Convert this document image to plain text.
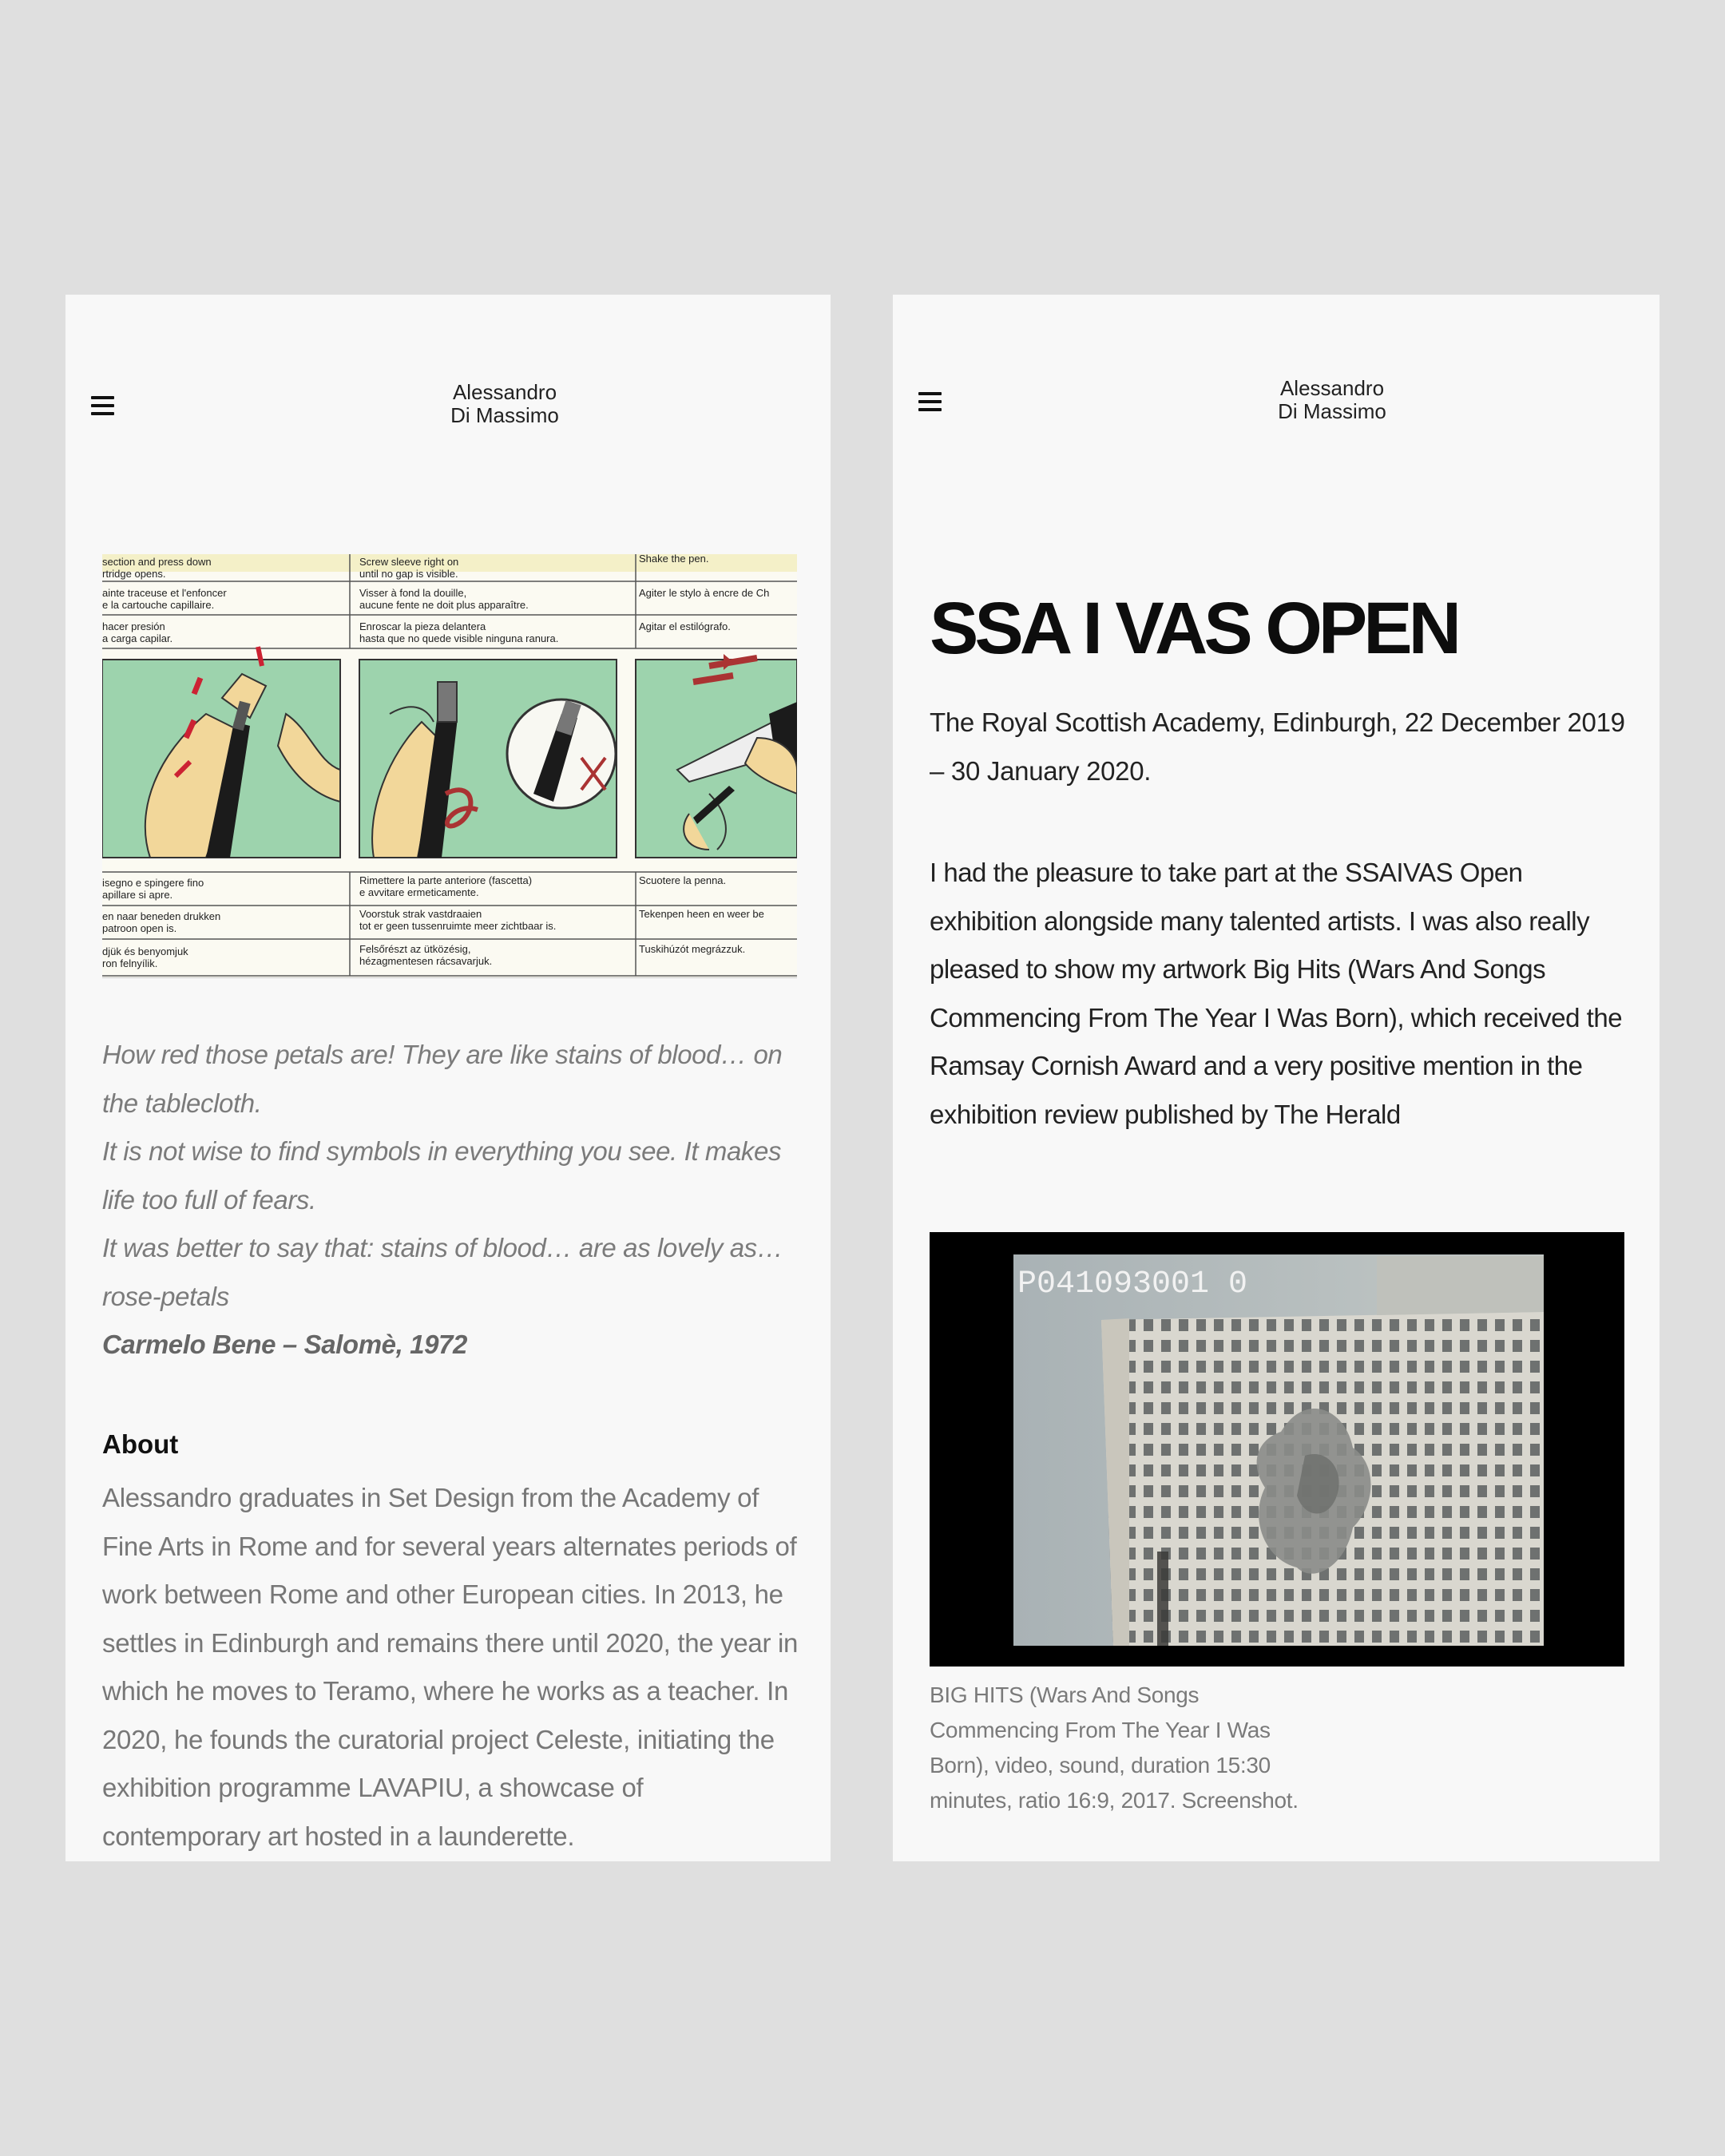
Alessandro
Di Massimo
section and press down
rtridge opens.
Screw sleeve right on
until no gap is visible.
Shake the pen.
ainte traceuse et l'enfoncer
e la cartouche capillaire.
Visser à fond la douille,
aucune fente ne doit plus apparaître.
Agiter le stylo à encre de Ch
hacer presión
a carga capilar.
Enroscar la pieza delantera
hasta que no quede visible ninguna ranura.
Agitar el estilógrafo.
isegno e spingere fino
apillare si apre.
Rimettere la parte anteriore (fascetta)
e avvitare ermeticamente.
Scuotere la penna.
en naar beneden drukken
patroon open is.
Voorstuk strak vastdraaien
tot er geen tussenruimte meer zichtbaar is.
Tekenpen heen en weer be
djük és benyomjuk
ron felnyílik.
Felsőrészt az ütközésig,
hézagmentesen rácsavarjuk.
Tuskihúzót megrázzuk.

How red those petals are! They are like stains of blood… on the tablecloth.

It is not wise to find symbols in everything you see. It makes life too full of fears.

It was better to say that: stains of blood… are as lovely as… rose-petals

Carmelo Bene – Salomè, 1972

About

Alessandro graduates in Set Design from the Academy of Fine Arts in Rome and for several years alternates periods of work between Rome and other European cities. In 2013, he settles in Edinburgh and remains there until 2020, the year in which he moves to Teramo, where he works as a teacher. In 2020, he founds the curatorial project Celeste, initiating the exhibition programme LAVAPIU, a showcase of contemporary art hosted in a launderette.

Alessandro
Di Massimo
SSA I VAS OPEN

The Royal Scottish Academy, Edinburgh, 22 December 2019 – 30 January 2020.

I had the pleasure to take part at the SSAIVAS Open exhibition alongside many talented artists. I was also really pleased to show my artwork Big Hits (Wars And Songs Commencing From The Year I Was Born), which received the Ramsay Cornish Award and a very positive mention in the exhibition review published by The Herald

P041093001 0

BIG HITS (Wars And Songs Commencing From The Year I Was Born), video, sound, duration 15:30 minutes, ratio 16:9, 2017. Screenshot.
